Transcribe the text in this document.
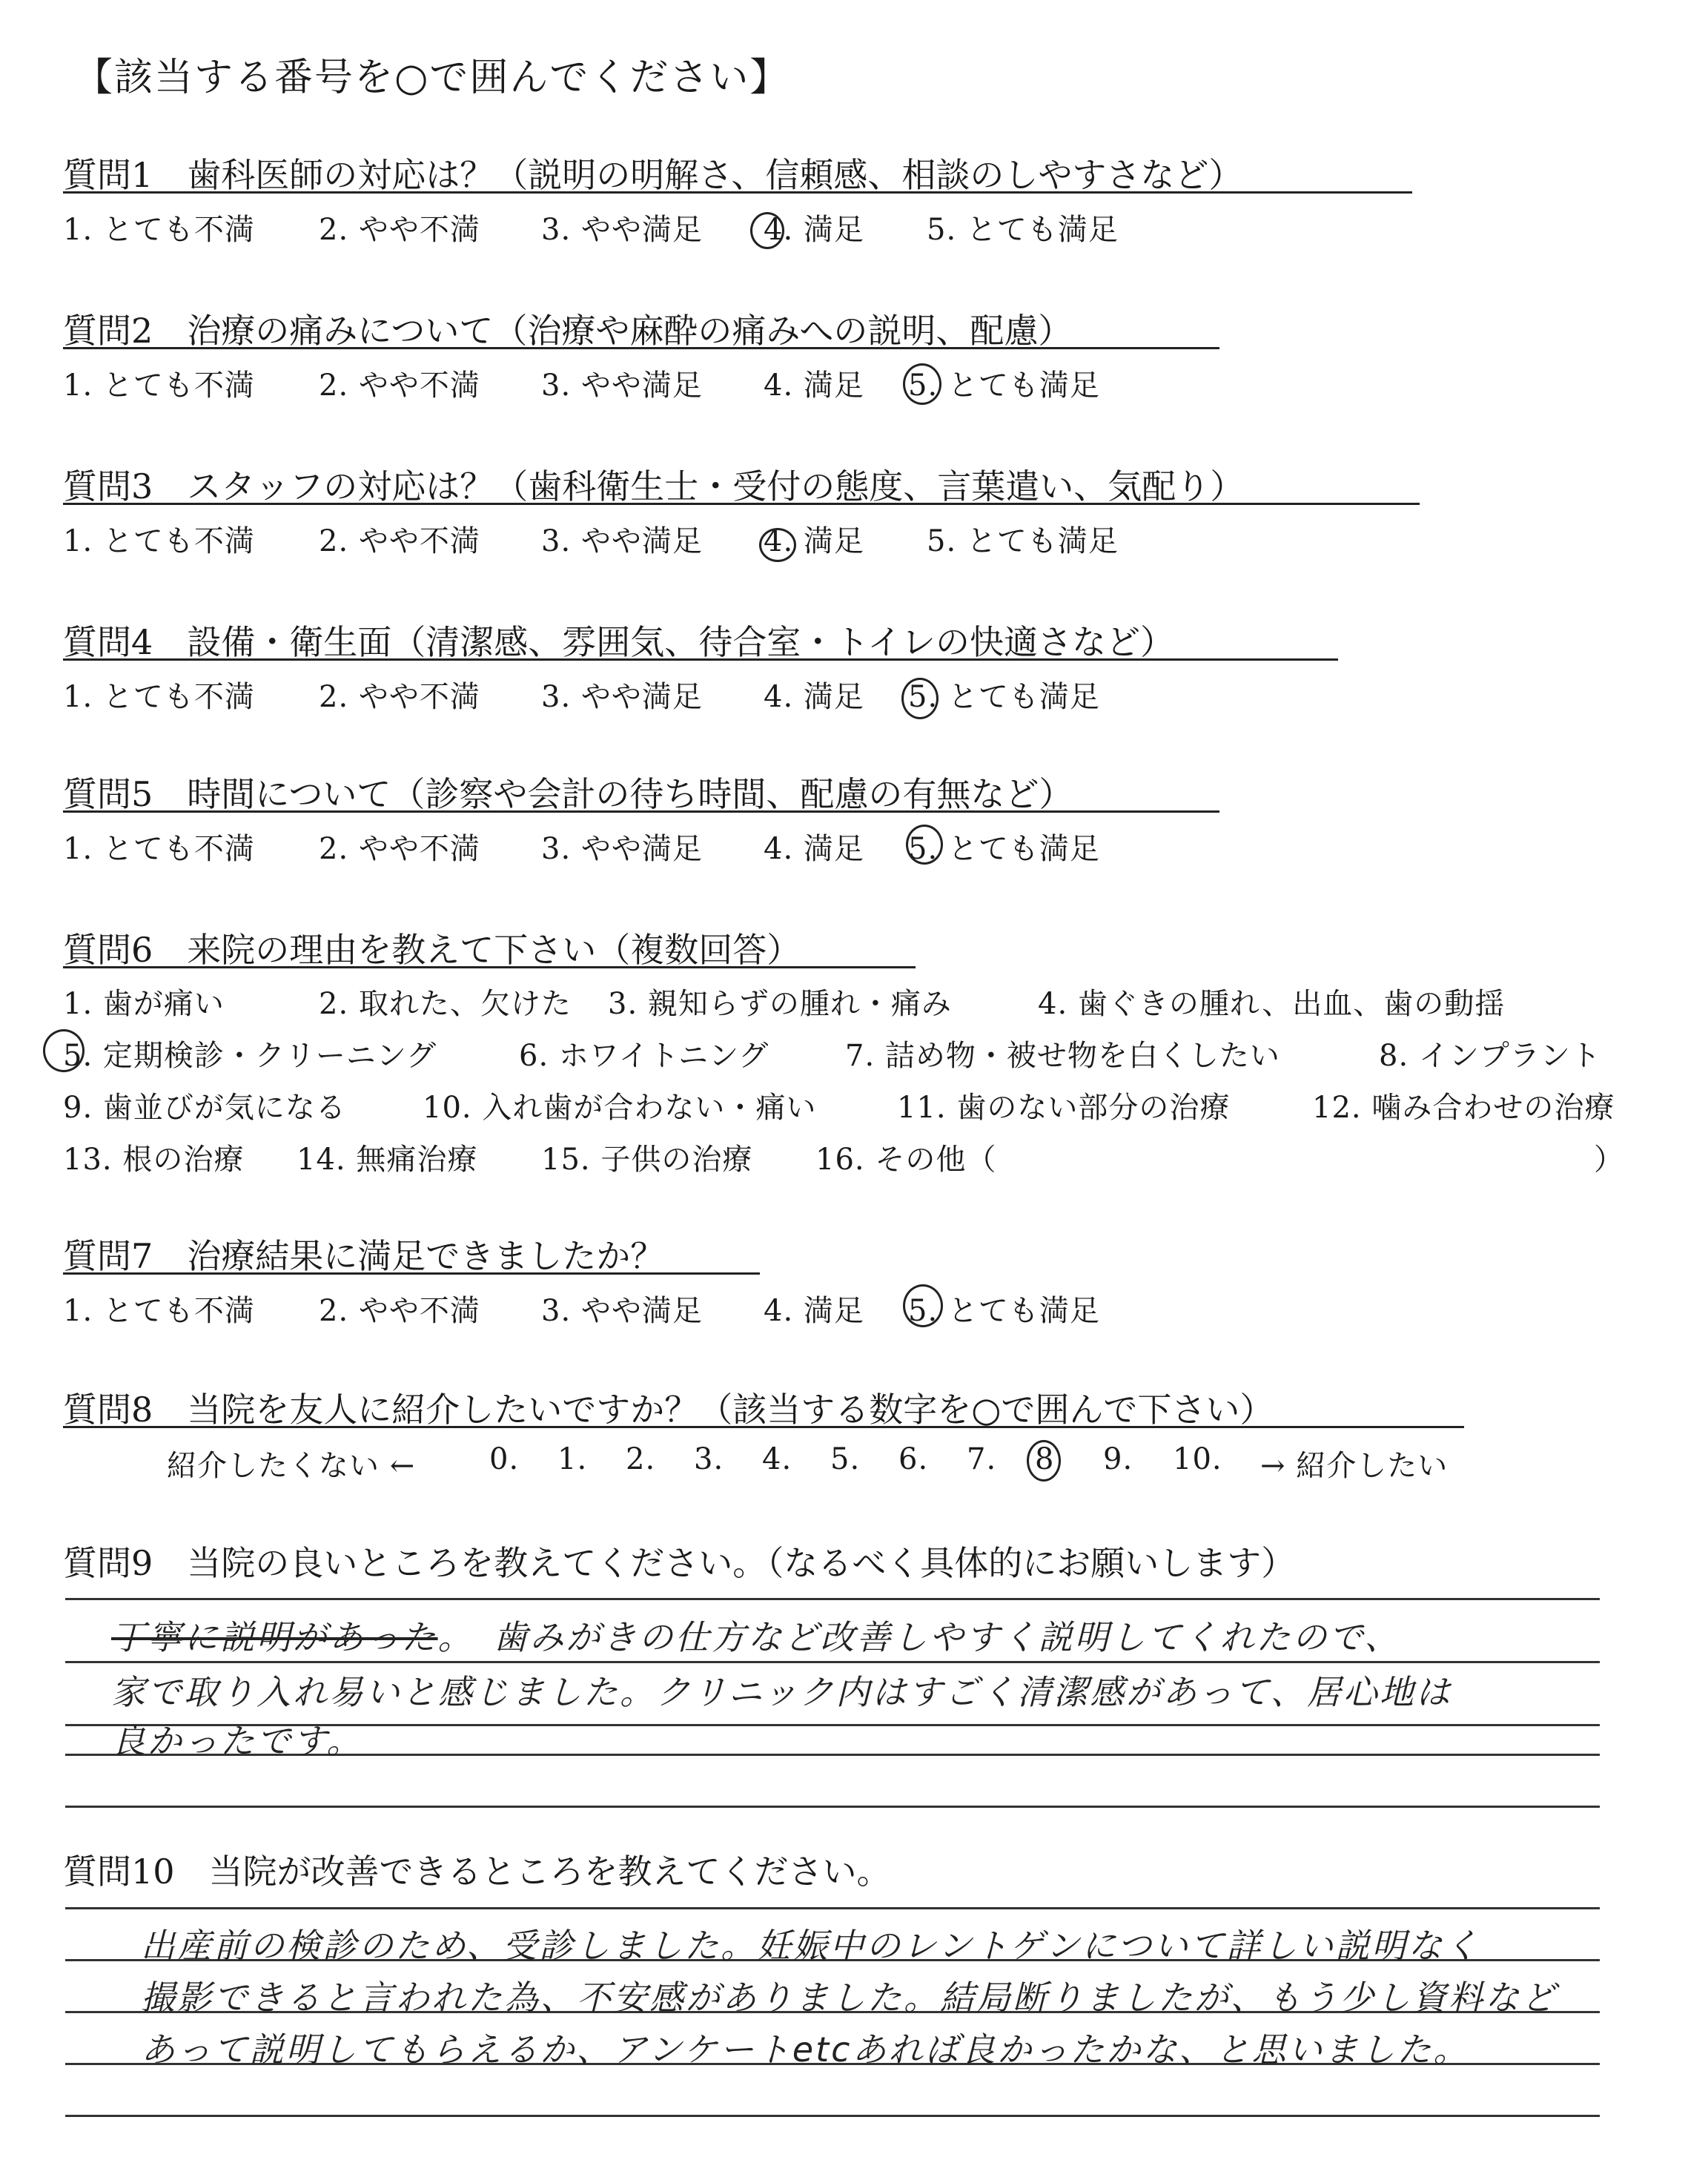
【該当する番号を○で囲んでください】
質問1　歯科医師の対応は？（説明の明解さ、信頼感、相談のしやすさなど）
1. とても不満 2. やや不満 3. やや満足 4. 満足 5. とても満足
質問2　治療の痛みについて（治療や麻酔の痛みへの説明、配慮）
1. とても不満 2. やや不満 3. やや満足 4. 満足 5. とても満足
質問3　スタッフの対応は？（歯科衛生士・受付の態度、言葉遣い、気配り）
1. とても不満 2. やや不満 3. やや満足 4. 満足 5. とても満足
質問4　設備・衛生面（清潔感、雰囲気、待合室・トイレの快適さなど）
1. とても不満 2. やや不満 3. やや満足 4. 満足 5. とても満足
質問5　時間について（診察や会計の待ち時間、配慮の有無など）
1. とても不満 2. やや不満 3. やや満足 4. 満足 5. とても満足
質問6　来院の理由を教えて下さい（複数回答）
1. 歯が痛い	2. 取れた、欠けた 3. 親知らずの腫れ・痛み	4. 歯ぐきの腫れ、出血、歯の動揺
5. 定期検診・クリーニング	6. ホワイトニング	7. 詰め物・被せ物を白くしたい	8. インプラント
9. 歯並びが気になる	10. 入れ歯が合わない・痛い	11. 歯のない部分の治療	12. 噛み合わせの治療
13. 根の治療 14. 無痛治療 15. 子供の治療 16. その他（	）
質問7　治療結果に満足できましたか？
1. とても不満 2. やや不満 3. やや満足 4. 満足 5. とても満足
質問8　当院を友人に紹介したいですか？（該当する数字を○で囲んで下さい）
紹介したくない ← 0. 1. 2. 3. 4. 5. 6. 7. 8 9. 10. → 紹介したい
質問9　当院の良いところを教えてください。（なるべく具体的にお願いします）
丁寧に説明があった。　歯みがきの仕方など改善しやすく説明してくれたので、
家で取り入れ易いと感じました。クリニック内はすごく清潔感があって、居心地は
良かったです。
質問10　当院が改善できるところを教えてください。
出産前の検診のため、受診しました。妊娠中のレントゲンについて詳しい説明なく
撮影できると言われた為、不安感がありました。結局断りましたが、もう少し資料など
あって説明してもらえるか、アンケートetcあれば良かったかな、と思いました。
